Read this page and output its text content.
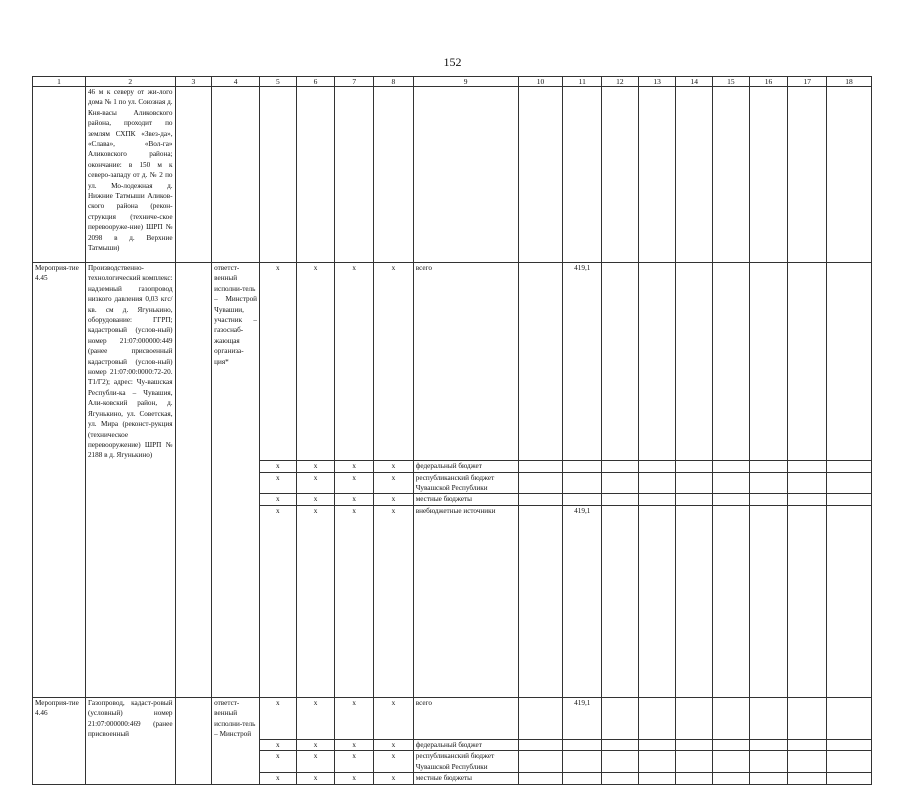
152
1	2	3	4	5	6	7	8	9	10	11	12	13	14	15	16	17	18
	46 м к северу от жи-лого дома № 1 по ул. Союзная д. Кня-васы Аликовского района, проходит по землям СХПК «Звез-да», «Слава», «Вол-га» Аликовского района; окончание: в 150 м к северо-западу от д. № 2 по ул. Мо-лодежная д. Нижние Татмыши Аликов-ского района (рекон-струкция (техниче-ское перевооруже-ние) ШРП № 2098 в д. Верхние Татмыши)																
Мероприя-тие 4.45	Производственно-технологический комплекс: надземный газопровод низкого давления 0,03 кгс/кв. см д. Ягунькино, оборудование: ГГРП; кадастровый (услов-ный) номер 21:07:000000:449 (ранее присвоенный кадастровый (услов-ный) номер 21:07:00:0000:72-20. Т1/Г2); адрес: Чу-вашская Республи-ка – Чувашия, Али-ковский район, д. Ягунькино, ул. Советская, ул. Мира (реконст-рукция (техническое перевооружение) ШРП № 2188 в д. Ягунькино)		ответст-венный исполни-тель – Минстрой Чувашии, участник – газоснаб-жающая организа-ция*	х	х	х	х	всего		419,1							
				х	х	х	х	федеральный бюджет									
				х	х	х	х	республиканский бюджет Чувашской Республики									
				х	х	х	х	местные бюджеты									
				х	х	х	х	внебюджетные источники		419,1							
Мероприя-тие 4.46	Газопровод, кадаст-ровый (условный) номер 21:07:000000:469 (ранее присвоенный		ответст-венный исполни-тель – Минстрой	х	х	х	х	всего		419,1							
				х	х	х	х	федеральный бюджет									
				х	х	х	х	республиканский бюджет Чувашской Республики									
				х	х	х	х	местные бюджеты									
